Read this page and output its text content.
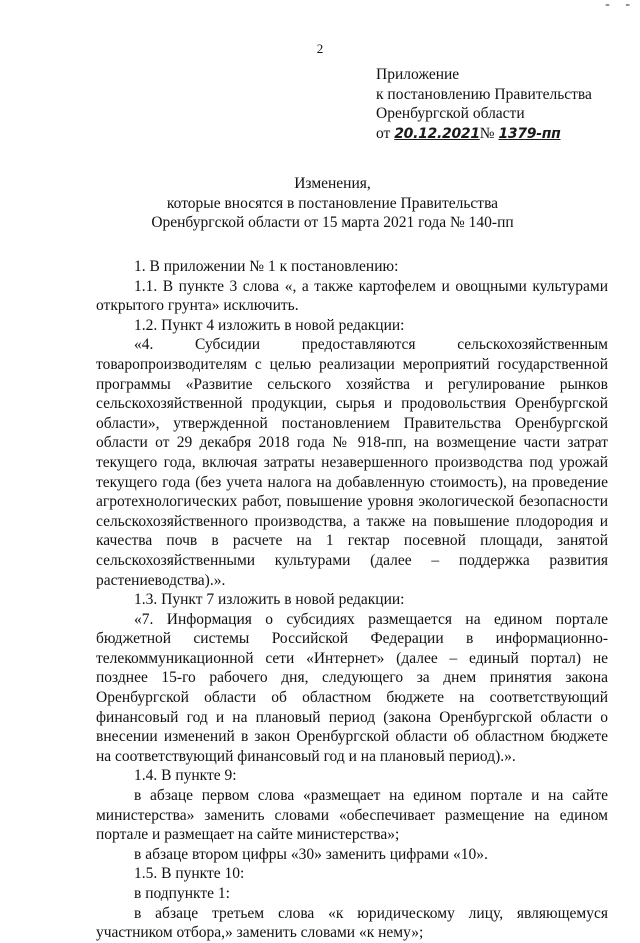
- -
2
Приложение
к постановлению Правительства
Оренбургской области
от 20.12.2021№ 1379-пп
Изменения,
которые вносятся в постановление Правительства
Оренбургской области от 15 марта 2021 года № 140-пп

1. В приложении № 1 к постановлению:

1.1. В пункте 3 слова «, а также картофелем и овощными культурами открытого грунта» исключить.

1.2. Пункт 4 изложить в новой редакции:

«4. Субсидии предоставляются сельскохозяйственным товаропроизводителям с целью реализации мероприятий государственной программы «Развитие сельского хозяйства и регулирование рынков сельскохозяйственной продукции, сырья и продовольствия Оренбургской области», утвержденной постановлением Правительства Оренбургской области от 29 декабря 2018 года № 918-пп, на возмещение части затрат текущего года, включая затраты незавершенного производства под урожай текущего года (без учета налога на добавленную стоимость), на проведение агротехнологических работ, повышение уровня экологической безопасности сельскохозяйственного производства, а также на повышение плодородия и качества почв в расчете на 1 гектар посевной площади, занятой сельскохозяйственными культурами (далее – поддержка развития растениеводства).».

1.3. Пункт 7 изложить в новой редакции:

«7. Информация о субсидиях размещается на едином портале бюджетной системы Российской Федерации в информационно-телекоммуникационной сети «Интернет» (далее – единый портал) не позднее 15-го рабочего дня, следующего за днем принятия закона Оренбургской области об областном бюджете на соответствующий финансовый год и на плановый период (закона Оренбургской области о внесении изменений в закон Оренбургской области об областном бюджете на соответствующий финансовый год и на плановый период).».

1.4. В пункте 9:

в абзаце первом слова «размещает на едином портале и на сайте министерства» заменить словами «обеспечивает размещение на едином портале и размещает на сайте министерства»;

в абзаце втором цифры «30» заменить цифрами «10».

1.5. В пункте 10:

в подпункте 1:

в абзаце третьем слова «к юридическому лицу, являющемуся участником отбора,» заменить словами «к нему»;
